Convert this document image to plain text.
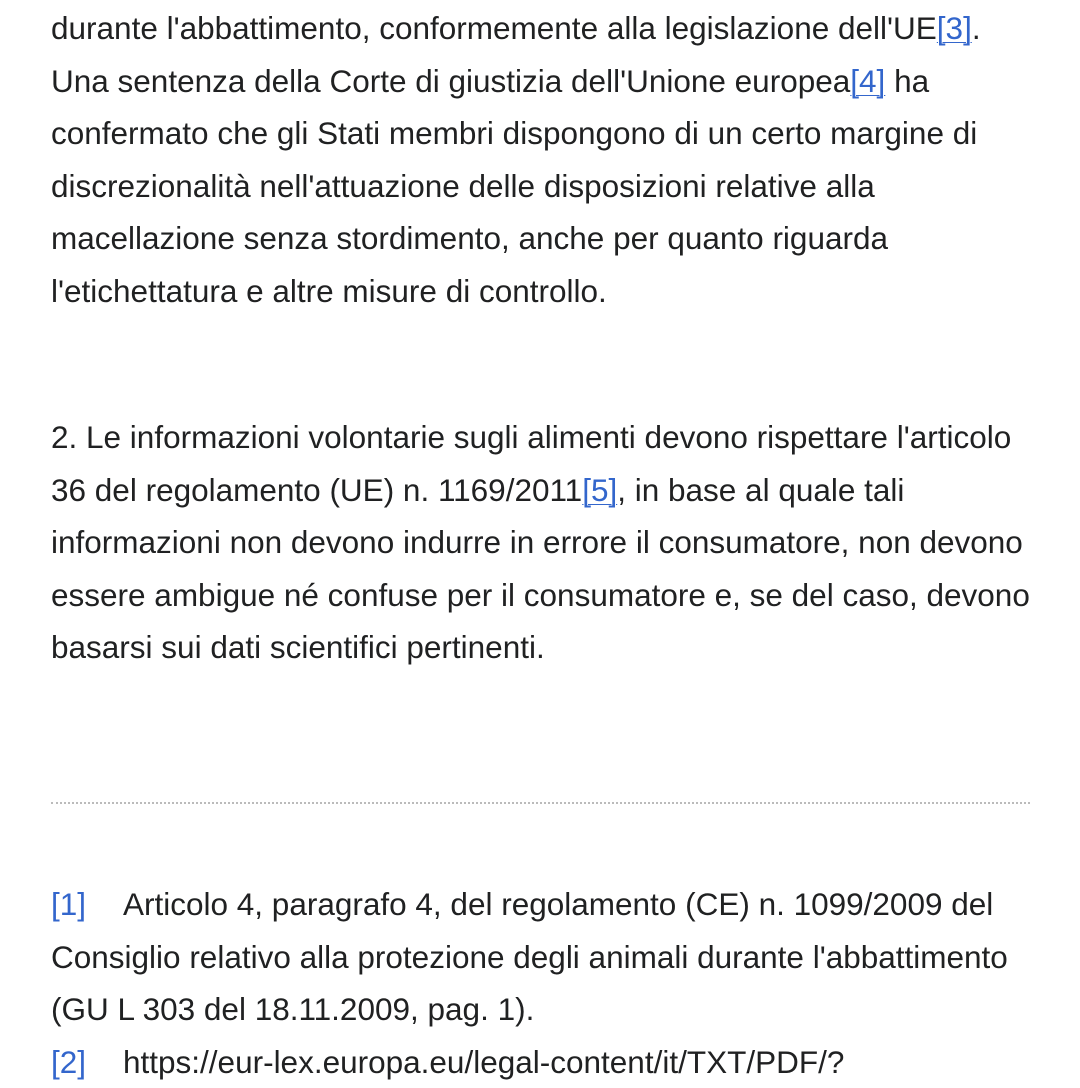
durante l'abbattimento, conformemente alla legislazione dell'UE[3]. Una sentenza della Corte di giustizia dell'Unione europea[4] ha confermato che gli Stati membri dispongono di un certo margine di discrezionalità nell'attuazione delle disposizioni relative alla macellazione senza stordimento, anche per quanto riguarda l'etichettatura e altre misure di controllo.

2. Le informazioni volontarie sugli alimenti devono rispettare l'articolo 36 del regolamento (UE) n. 1169/2011[5], in base al quale tali informazioni non devono indurre in errore il consumatore, non devono essere ambigue né confuse per il consumatore e, se del caso, devono basarsi sui dati scientifici pertinenti.

[1] Articolo 4, paragrafo 4, del regolamento (CE) n. 1099/2009 del Consiglio relativo alla protezione degli animali durante l'abbattimento (GU L 303 del 18.11.2009, pag. 1).

[2] https://eur-lex.europa.eu/legal-content/it/TXT/PDF/?
